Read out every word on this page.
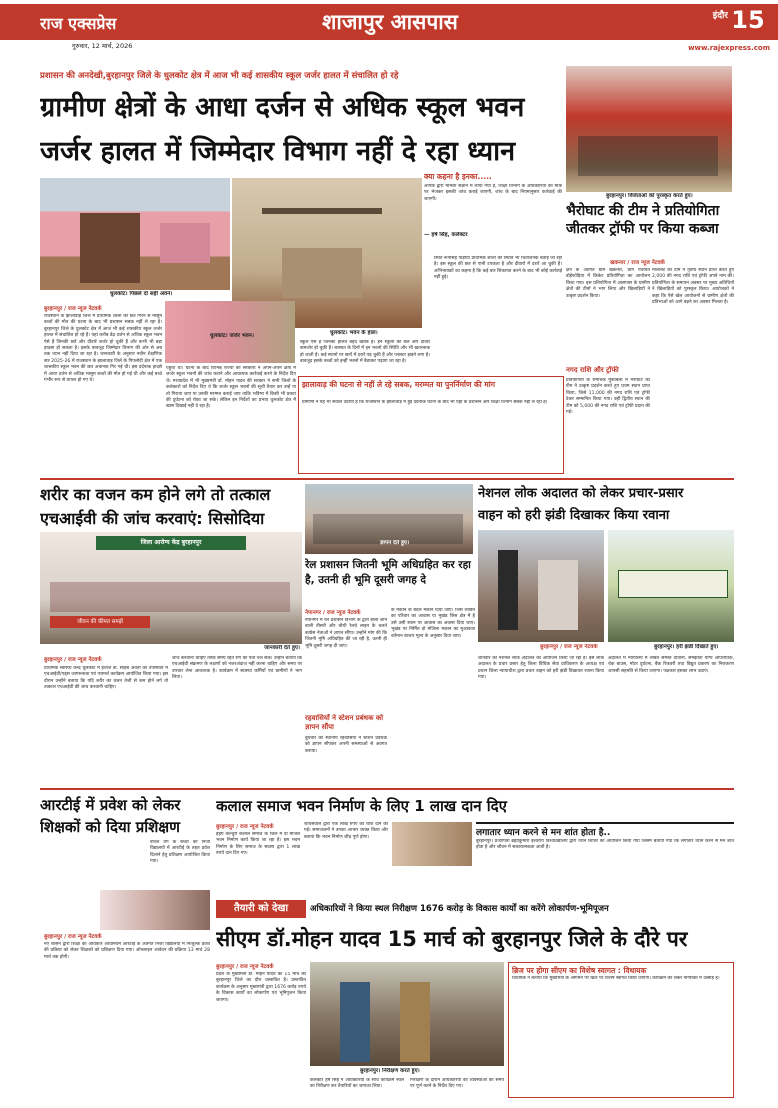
राज एक्सप्रेस
गुरुवार, 12 मार्च, 2026
शाजापुर आसपास	इंदौर 15
www.rajexpress.com
प्रशासन की अनदेखी,बुरहानपुर जिले के धुलकोट क्षेत्र में आज भी कई शासकीय स्कूल जर्जर हालत में संचालित हो रहे
ग्रामीण क्षेत्रों के आधा दर्जन से अधिक स्कूल भवन
जर्जर हालत में जिम्मेदार विभाग नहीं दे रहा ध्यान
धुलकोट। पिछले दो सही अवने।
धुलकोट। भवन के हाल।
धुलकोट। जर्जर भवन।
क्या कहना है इनका.....
आपके द्वारा मामला संज्ञान में लाया गया है, शिक्षा विभाग के अधिकारियों को मौके पर भेजकर इसकी जांच कराई जाएगी, जांच के बाद नियमानुसार कार्रवाई की जाएगी।
— हर्ष सिंह, कलेक्टर
बुरहानपुर / राज न्यूज नेटवर्क
राजस्थान के झालावाड़ जिले में प्राथमिक शाला की छत गिरने से मासूम बच्चों की मौत की घटना के बाद भी प्रशासन सबक नहीं ले रहा है। बुरहानपुर जिले के धुलकोट क्षेत्र में आज भी कई शासकीय स्कूल जर्जर हालत में संचालित हो रहे हैं। यहां करीब डेढ़ दर्जन से अधिक स्कूल भवन ऐसे हैं जिनकी छतें और दीवारें जर्जर हो चुकी हैं और कभी भी बड़ा हादसा हो सकता है। इसके बावजूद जिम्मेदार विभाग की ओर से अब तक ध्यान नहीं दिया जा रहा है। जानकारी के अनुसार नवीन शैक्षणिक सत्र 2025-26 में राजस्थान के झालावाड़ जिले के पिपलोदी क्षेत्र में एक शासकीय स्कूल भवन की छत अचानक गिर गई थी। इस दर्दनाक हादसे में आधा दर्जन से अधिक मासूम बच्चों की मौत हो गई थी और कई बच्चे गंभीर रूप से घायल हो गए थे।
पहुंचा था। घटना के बाद विभिन्न राज्यों की सरकारों ने अपने-अपने क्षेत्रों में जर्जर स्कूल भवनों की जांच कराने और आवश्यक कार्रवाई करने के निर्देश दिए थे। मध्यप्रदेश में भी मुख्यमंत्री डॉ. मोहन यादव की सरकार ने सभी जिलों के कलेक्टरों को निर्देश दिए थे कि जर्जर स्कूल भवनों की सूची तैयार कर उन्हें या तो गिराया जाए या उनकी मरम्मत कराई जाए ताकि भविष्य में किसी भी प्रकार की दुर्घटना को रोका जा सके। लेकिन इन निर्देशों का प्रभाव धुलकोट क्षेत्र में खास दिखाई नहीं दे रहा है।
स्कूल ऐसे हैं जिनकी हालत बेहद खराब है। इन स्कूलों की छतें और दीवारें कमजोर हो चुकी हैं। बरसात के दिनों में इन भवनों की स्थिति और भी खतरनाक हो जाती है। कई स्थानों पर छतों में दरारें पड़ चुकी हैं और प्लास्टर झड़ने लगा है। बावजूद इसके बच्चों को इन्हीं भवनों में बैठाकर पढ़ाया जा रहा है।
स्थित रूपसिंह पाड़ीया प्राथमिक शाला की स्थिति भी चिंताजनक बताई जा रही है। इस स्कूल की छत से पानी टपकता है और दीवारों में दरारें आ चुकी हैं। अभिभावकों का कहना है कि कई बार शिकायत करने के बाद भी कोई कार्रवाई नहीं हुई।
झालावाड़ की घटना से नहीं ले रहे सबक, मरम्मत या पुनर्निर्माण की मांग
ग्रामीणों ने यह भी सवाल उठाया है कि राजस्थान के झालावाड़ में हुई दर्दनाक घटना के बाद भी यहां के प्रशासन और शिक्षा विभाग सबक नहीं ले रहा है।
बुरहानपुर। विजेताओं को पुरस्कृत करते हुए।
भैरोघाट की टीम ने प्रतियोगिता जीतकर ट्रॉफी पर किया कब्जा
खकनार / राज न्यूज नेटवर्क
क्षेत्र के अंतर्गत ग्राम खकनार, ग्राम पंचायत डोईफोड़िया में क्रिकेट प्रतियोगिता का आयोजन किया गया। इस प्रतियोगिता में आसपास के ग्रामीण क्षेत्रों की टीमों ने भाग लिया और खिलाड़ियों ने उत्कृष्ट प्रदर्शन किया।
नगद राशि और ट्रॉफी
प्रतियोगिता के रोमांचक मुकाबलों में भैरोघाट की टीम ने उत्कृष्ट प्रदर्शन करते हुए प्रथम स्थान प्राप्त किया, जिसे 11,000 की नगद राशि एवं ट्रॉफी देकर सम्मानित किया गया। वहीं द्वितीय स्थान की टीम को 5,000 की नगद राशि एवं ट्रॉफी प्रदान की गई।
मालाबेट की टीम ने तृतीय स्थान प्राप्त करते हुए 2,000 की नगद राशि एवं ट्रॉफी अपने नाम की। प्रतियोगिता के समापन अवसर पर मुख्य अतिथियों ने खिलाड़ियों को पुरस्कृत किया। आयोजकों ने कहा कि ऐसे खेल आयोजनों से ग्रामीण क्षेत्रों की प्रतिभाओं को आगे बढ़ने का अवसर मिलता है।
शरीर का वजन कम होने लगे तो तत्काल
एचआईवी की जांच करवाएं: सिसोदिया
जिला आरोग्य केंद्र बुरहानपुर
जीवन की कीमत समझें
जानकारी देते हुए।
बुरहानपुर / राज न्यूज नेटवर्क
प्राथमिक स्वास्थ्य केन्द्र चूलकोट में इंचार्ज डॉ. साहब अवंती की उपस्थिति में एचआईवी/एड्स जागरूकता एवं परामर्श कार्यक्रम आयोजित किया गया। इस दौरान उन्होंने बताया कि यदि शरीर का वजन तेजी से कम होने लगे तो तत्काल एचआईवी की जांच करवानी चाहिए।
जांच करवाना चाहिए ताकि समय रहते रोग का पता चल सके। उन्होंने बताया कि एचआईवी संक्रमण के लक्षणों को नजरअंदाज नहीं करना चाहिए और समय पर उपचार लेना आवश्यक है। कार्यक्रम में स्वास्थ्य कर्मियों एवं ग्रामीणों ने भाग लिया।
ज्ञापन देते हुए।
रेल प्रशासन जितनी भूमि अधिग्रहित कर रहा है, उतनी ही भूमि दूसरी जगह दे
नेपानगर / राज न्यूज नेटवर्क
नेपानगर में रेल प्रशासन विभाग के द्वारा डाली जाने वाली तीसरी और चौथी रेलवे लाइन के चलते कांग्रेस नेताओं ने ज्ञापन सौंपा। उन्होंने मांग की कि जितनी भूमि अधिग्रहित की जा रही है, उतनी ही भूमि दूसरी जगह दी जाए।
रहवासियों ने स्टेशन प्रबंधक को ज्ञापन सौंपा
बुधवार को स्थानीय रहवासियों ने स्टेशन प्रबंधक को ज्ञापन सौंपकर अपनी समस्याओं से अवगत कराया।
के मकान के बदले मकान दिया जाए। जिस व्यक्ति का परिवार का आवास या भूखंड जिस क्षेत्र में है उसे उसी स्थान पर आवास का अवसर दिया जाए। भूखंड पर निर्मित दो मंजिला मकान का मुआवजा वर्तमान बाजार मूल्य के अनुसार दिया जाए।
नेशनल लोक अदालत को लेकर प्रचार-प्रसार
वाहन को हरी झंडी दिखाकर किया रवाना
बुरहानपुर / राज न्यूज नेटवर्क	बुरहानपुर। हरी झंडी दिखाते हुए।
शनिवार को नेशनल लोक अदालत का आयोजन किया जा रहा है। इस लोक अदालत के प्रचार प्रसार हेतु जिला विधिक सेवा प्राधिकरण के अध्यक्ष एवं प्रधान जिला न्यायाधीश द्वारा प्रचार वाहन को हरी झंडी दिखाकर रवाना किया गया।
अदालत में न्यायालय में लंबित समस्त दीवानी, समझौता योग्य आपराधिक, चेक बाउंस, मोटर दुर्घटना, बैंक रिकवरी तथा विद्युत प्रकरण का निराकरण आपसी सहमति से किया जाएगा। पक्षकार इसका लाभ उठाएं।
आरटीई में प्रवेश को लेकर शिक्षकों को दिया प्रशिक्षण
वंचित वर्ग के बच्चों को निजी विद्यालयों में आरटीई के तहत प्रवेश दिलाने हेतु प्रशिक्षण आयोजित किया गया।
बुरहानपुर / राज न्यूज नेटवर्क
नए शासन द्वारा शिक्षा का अधिकार अधिनियम आरटीई के अंतर्गत निजी विद्यालयों में निःशुल्क प्रवेश की प्रक्रिया को लेकर शिक्षकों को प्रशिक्षण दिया गया। ऑनलाइन आवेदन की प्रक्रिया 13 मार्च 28 मार्च तक होगी।
कलाल समाज भवन निर्माण के लिए 1 लाख दान दिए
बुरहानपुर / राज न्यूज नेटवर्क
हैहय कल्चुरी कलाल समाज के जिले में दो मंजिल भवन निर्माण कार्य किया जा रहा है। इस भवन निर्माण के लिए समाज के सदस्य द्वारा 1 लाख रुपये दान दिए गए।
जायसवाल द्वारा एक लाख रुपए की राशि दान की गई। समाजजनों ने उनका आभार व्यक्त किया और बताया कि भवन निर्माण शीघ्र पूर्ण होगा।	लगातार ध्यान करने से मन शांत होता है..
बुरहानपुर। प्रजापिता ब्रह्माकुमारी ईश्वरीय विश्वविद्यालय द्वारा ध्यान शिविर का आयोजन किया गया जिसमें बताया गया कि लगातार ध्यान करने से मन शांत होता है और जीवन में सकारात्मकता आती है।
तैयारी को देखा	अधिकारियों ने किया स्थल निरीक्षण 1676 करोड़ के विकास कार्यों का करेंगे लोकार्पण-भूमिपूजन
सीएम डॉ.मोहन यादव 15 मार्च को बुरहानपुर जिले के दौरे पर
बुरहानपुर / राज न्यूज नेटवर्क
प्रदेश के मुख्यमंत्री डॉ. मोहन यादव का 15 मार्च को बुरहानपुर जिले का दौरा प्रस्तावित है। प्रस्तावित कार्यक्रम के अनुसार मुख्यमंत्री द्वारा 1676 करोड़ रुपये के विकास कार्यों का लोकार्पण एवं भूमिपूजन किया जाएगा।
बुरहानपुर। निरीक्षण करते हुए।
कलेक्टर हर्ष सिंह ने अधिकारियों के साथ कार्यक्रम स्थल का निरीक्षण कर तैयारियों का जायजा लिया।
निरीक्षण के दौरान अधिकारियों को व्यवस्थाओं को समय पर पूर्ण करने के निर्देश दिए गए।
ब्रिज पर होगा सीएम का विशेष स्वागत : विधायक
विधायक ने बताया कि मुख्यमंत्री के आगमन पर ब्रिज पर विशेष स्वागत किया जाएगा। कार्यक्रम को लेकर नागरिकों में उत्साह है।
